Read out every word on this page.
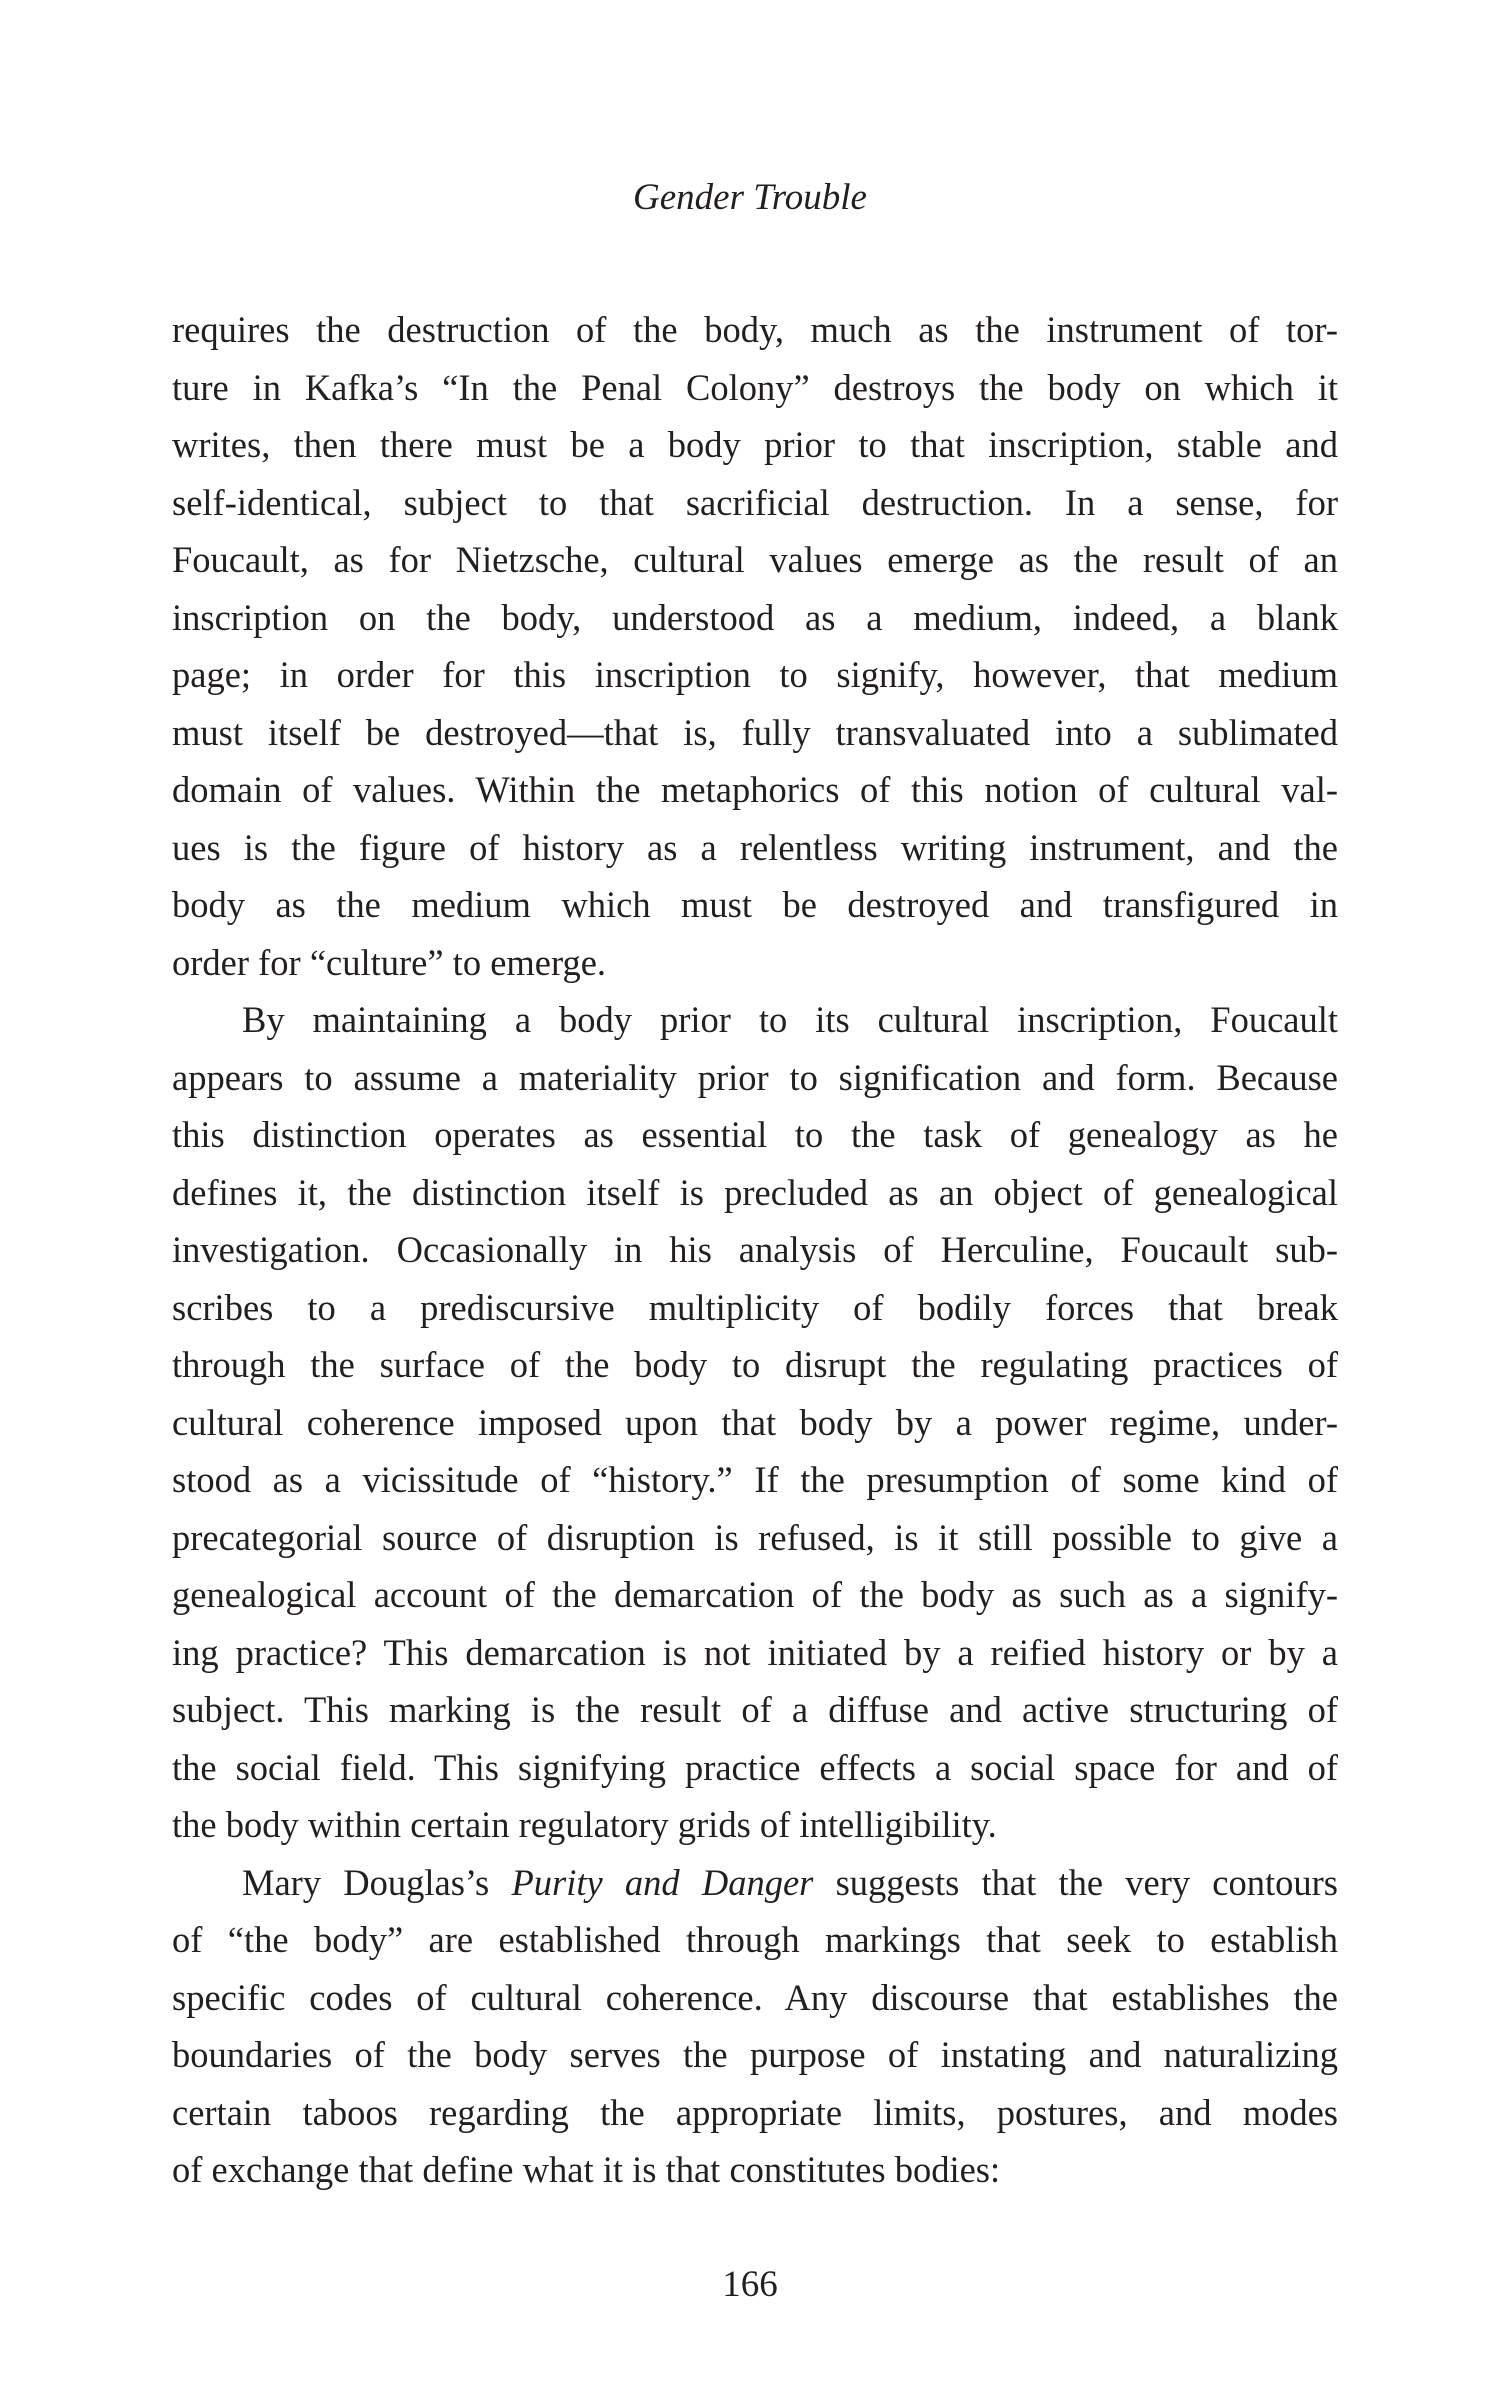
Gender Trouble
requires the destruction of the body, much as the instrument of tor-
ture in Kafka’s “In the Penal Colony” destroys the body on which it
writes, then there must be a body prior to that inscription, stable and
self-identical, subject to that sacrificial destruction. In a sense, for
Foucault, as for Nietzsche, cultural values emerge as the result of an
inscription on the body, understood as a medium, indeed, a blank
page; in order for this inscription to signify, however, that medium
must itself be destroyed—that is, fully transvaluated into a sublimated
domain of values. Within the metaphorics of this notion of cultural val-
ues is the figure of history as a relentless writing instrument, and the
body as the medium which must be destroyed and transfigured in
order for “culture” to emerge.
By maintaining a body prior to its cultural inscription, Foucault
appears to assume a materiality prior to signification and form. Because
this distinction operates as essential to the task of genealogy as he
defines it, the distinction itself is precluded as an object of genealogical
investigation. Occasionally in his analysis of Herculine, Foucault sub-
scribes to a prediscursive multiplicity of bodily forces that break
through the surface of the body to disrupt the regulating practices of
cultural coherence imposed upon that body by a power regime, under-
stood as a vicissitude of “history.” If the presumption of some kind of
precategorial source of disruption is refused, is it still possible to give a
genealogical account of the demarcation of the body as such as a signify-
ing practice? This demarcation is not initiated by a reified history or by a
subject. This marking is the result of a diffuse and active structuring of
the social field. This signifying practice effects a social space for and of
the body within certain regulatory grids of intelligibility.
Mary Douglas’s Purity and Danger suggests that the very contours
of “the body” are established through markings that seek to establish
specific codes of cultural coherence. Any discourse that establishes the
boundaries of the body serves the purpose of instating and naturalizing
certain taboos regarding the appropriate limits, postures, and modes
of exchange that define what it is that constitutes bodies:
166
